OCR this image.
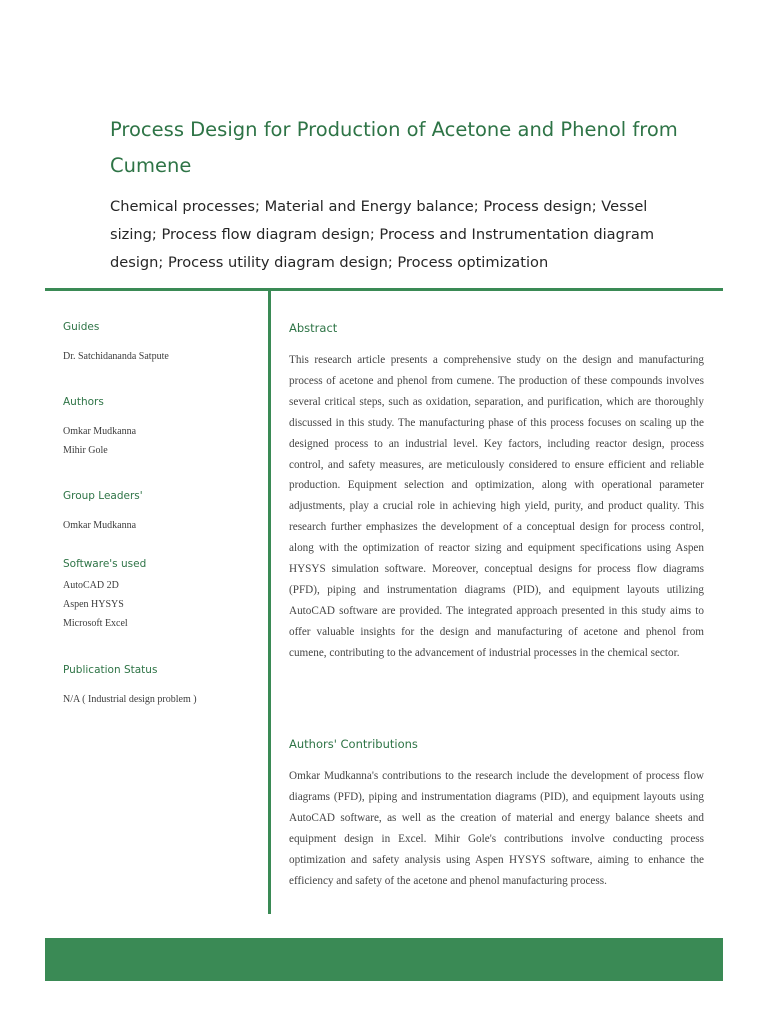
Process Design for Production of Acetone and Phenol from Cumene

Chemical processes; Material and Energy balance; Process design; Vessel sizing; Process flow diagram design; Process and Instrumentation diagram design; Process utility diagram design; Process optimization

Guides
Dr. Satchidananda Satpute
Authors
Omkar Mudkanna
Mihir Gole
Group Leaders'
Omkar Mudkanna
Software's used
AutoCAD 2D
Aspen HYSYS
Microsoft Excel
Publication Status
N/A ( Industrial design problem )
Abstract

This research article presents a comprehensive study on the design and manufacturing process of acetone and phenol from cumene. The production of these compounds involves several critical steps, such as oxidation, separation, and purification, which are thoroughly discussed in this study. The manufacturing phase of this process focuses on scaling up the designed process to an industrial level. Key factors, including reactor design, process control, and safety measures, are meticulously considered to ensure efficient and reliable production. Equipment selection and optimization, along with operational parameter adjustments, play a crucial role in achieving high yield, purity, and product quality. This research further emphasizes the development of a conceptual design for process control, along with the optimization of reactor sizing and equipment specifications using Aspen HYSYS simulation software. Moreover, conceptual designs for process flow diagrams (PFD), piping and instrumentation diagrams (PID), and equipment layouts utilizing AutoCAD software are provided. The integrated approach presented in this study aims to offer valuable insights for the design and manufacturing of acetone and phenol from cumene, contributing to the advancement of industrial processes in the chemical sector.

Authors' Contributions

Omkar Mudkanna's contributions to the research include the development of process flow diagrams (PFD), piping and instrumentation diagrams (PID), and equipment layouts using AutoCAD software, as well as the creation of material and energy balance sheets and equipment design in Excel. Mihir Gole's contributions involve conducting process optimization and safety analysis using Aspen HYSYS software, aiming to enhance the efficiency and safety of the acetone and phenol manufacturing process.
